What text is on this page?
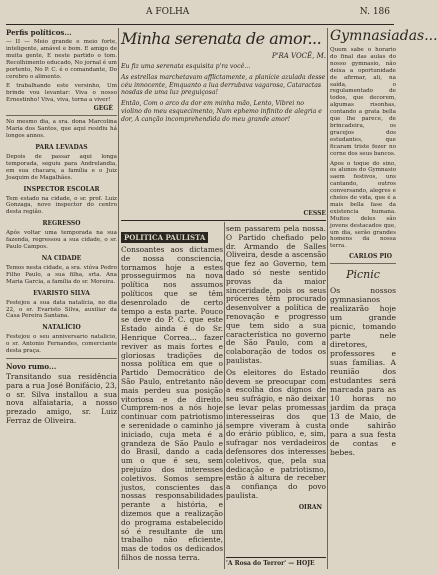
A FOLHA	N. 186

Perfis políticos...

— II — Meio grande e meio forte, inteligente, amável e bom. E amigo de muita gente, E neste partido o tom. Recolhimento educado, No jornal é um portento, No P. C. é o comandante, Do cerebro o alimento.

E trabalhando este versinho, Um brinde vou levantar: Viva o nosso Ernestinho! Viva, viva, torna a viver!

GEGÉ

No mesmo dia, a sra. dona Marcolina Maria dos Santos, que aqui residiu há longos annos.

PARA LEVADAS

Depois de passar aqui longa temporada, seguiu para Andrelandia, em sua chacara, a família e o Juiz Joaquim de Magalhães.

INSPECTOR ESCOLAR

Tem estado na cidade, o sr. prof. Luiz Gonzaga, novo inspector do centro desta região.

REGRESSO

Após voltar uma temporada na sua fazenda, regressou a sua cidade, o sr. Paulo Campos.

NA CIDADE

Temos nesta cidade, a sra. viúva Pedro Filho Paulo, a sua filha, srta. Ana Maria Garcia, a família do sr. Moreira.

EVARISTO SILVA

Festejou a sua data natalícia, no dia 22, o sr. Evaristo Silva, auxiliar da Casa Pereira Santana.

NATALÍCIO

Festejou o seu anniversario natalicio, o sr. Antonio Fernandes, comerciante desta praça.

Novo rumo...

Transitando sua residência para a rua José Bonifácio, 23, o sr. Silva installou a sua nova alfaiataria, a nosso prezado amigo, sr. Luiz Ferraz de Oliveira.

Minha serenata de amor...
P'RA VOCÊ, M.

Eu fiz uma serenata esquisita p'ra você...

As estrellas marchetavam afflictamente, a planície azulada desse céu innocente, Emquanto a lua derrubava vagarosa, Cataractas nosdas de uma luz preguiçosa!

Então, Com o arco da dor em minha mão, Lento, Vibrei no violino do meu esquecimento, Num ephemo infinito de alegria e dor, A canção incomprehendida do meu grande amor!

CESSE
POLITICA PAULISTA

Consoantes aos dictames de nossa consciencia, tornamos hoje a estes prosseguirmos na nova política nos assumos políticos que se têm desenrolado de certo tempo a esta parte. Pouco se deve do P. C. que este Estado ainda é do Sr. Henrique Correa... fazer reviver as mais fortes e gloriosas tradições de nossa política em que o Partido Democrático de São Paulo, entretanto não mais perdeu sua posição vitoriosa e de direito. Cumprem-nos a nós hoje continuar com patriotismo e serenidade o caminho já iniciado, cuja meta é a grandeza de São Paulo e do Brasil, dando a cada um o que é seu, sem prejuízo dos interesses coletivos. Somos sempre justos, conscientes das nossas responsabilidades perante a história, e dizemos que a realização do programa estabelecido só é resultante de um trabalho não eficiente, mas de todos os dedicados filhos de nossa terra.

sem passarem pela nossa. O Partido chefiado pelo dr. Armando de Salles Oliveira, desde a ascensão que fez ao Governo, tem dado só neste sentido provas da maior sinceridade, pois os seus próceres têm procurado desenvolver a política de renovação e progresso que tem sido a sua característica no governo de São Paulo, com a colaboração de todos os paulistas.

Os eleitores do Estado devem se preocupar com a escolha dos dignos de seu sufrágio, e não deixar se levar pelas promessas interesseiras dos que sempre viveram à custa do erário público, e, sim, sufragar nos verdadeiros defensores dos interesses coletivos, que, pela sua dedicação e patriotismo, estão à altura de receber a confiança do povo paulista.

OIRAN

'A Rosa do Terror' — HOJE

Gymnasiadas...

Quem sabe o horario do final das aulas do nosso gymnasio, não deixa a oportunidade de afirmar, ali, na saída, o regulamentado de todos, que decorem, algumas risonhas, contando a grata bella que lhe parece, de brincadeira, os gracejos dos estudantes, que ficaram triste fezer no cerne dos seus bancos.

Apos o toque do sino, os alunos do Gymnasio saem festivos, uns cantando, outros conversando, alegres e cheios de vida, que é a mais bella fase da existencia humana. Muitos deles são jovens destacados que, um dia, serão grandes homens da nossa terra.

CARLOS PIO

Picnic

Os nossos gymnasianos realizarão hoje um grande picnic, tomando parte nele diretores, professores e suas famílias. A reunião dos estudantes será marcada para as 10 horas no jardim da praça 13 de Maio, de onde sahirão para a sua festa de contas e bebes.
